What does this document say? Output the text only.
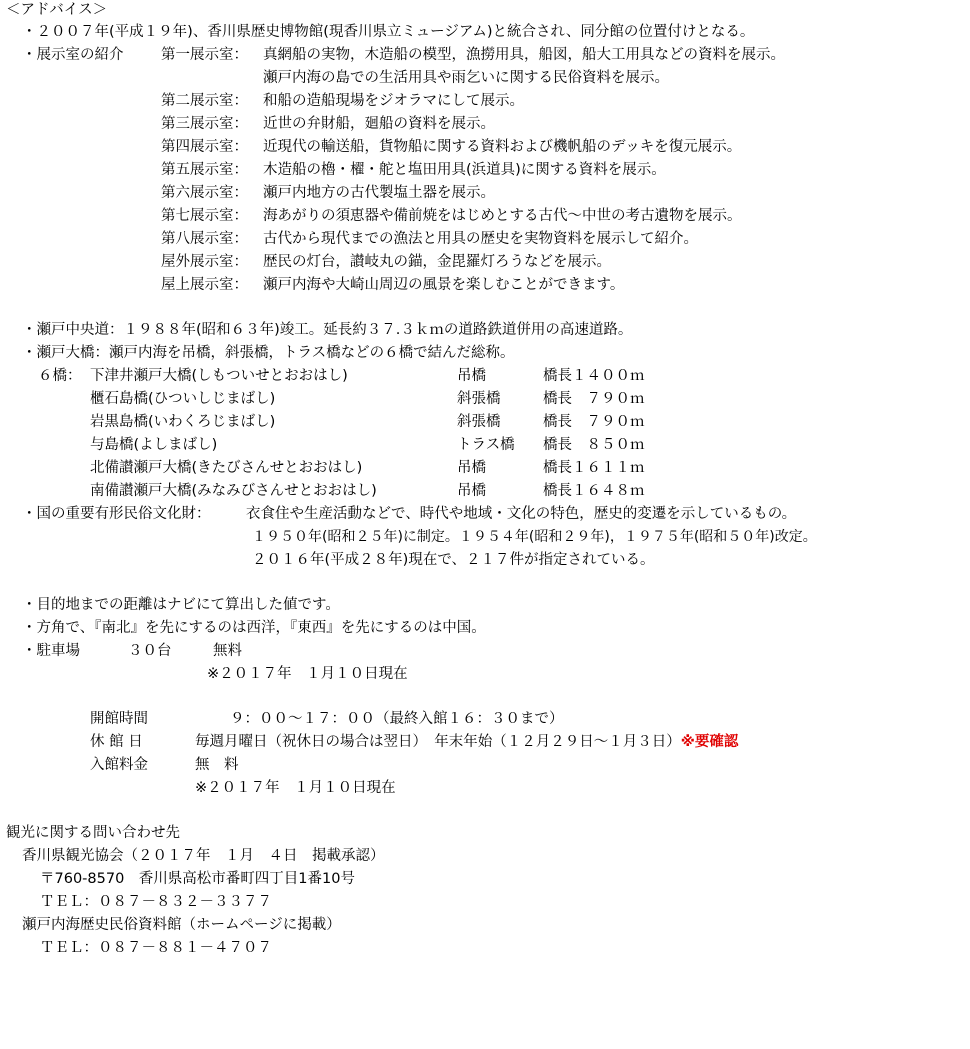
＜アドバイス＞
・２００７年(平成１９年)、香川県歴史博物館(現香川県立ミュージアム)と統合され、同分館の位置付けとなる。
・展示室の紹介	第一展示室： 真網船の実物，木造船の模型，漁撈用具，船図，船大工用具などの資料を展示。
瀬戸内海の島での生活用具や雨乞いに関する民俗資料を展示。
第二展示室： 和船の造船現場をジオラマにして展示。
第三展示室： 近世の弁財船，廻船の資料を展示。
第四展示室： 近現代の輸送船，貨物船に関する資料および機帆船のデッキを復元展示。
第五展示室： 木造船の櫓・櫂・舵と塩田用具(浜道具)に関する資料を展示。
第六展示室： 瀬戸内地方の古代製塩土器を展示。
第七展示室： 海あがりの須恵器や備前焼をはじめとする古代～中世の考古遺物を展示。
第八展示室： 古代から現代までの漁法と用具の歴史を実物資料を展示して紹介。
屋外展示室： 歴民の灯台，讃岐丸の錨，金毘羅灯ろうなどを展示。
屋上展示室： 瀬戸内海や大崎山周辺の風景を楽しむことができます。
・瀬戸中央道：１９８８年(昭和６３年)竣工。延長約３７.３ｋｍの道路鉄道併用の高速道路。
・瀬戸大橋：瀬戸内海を吊橋，斜張橋，トラス橋などの６橋で結んだ総称。
６橋： 下津井瀬戸大橋(しもついせとおおはし)	吊橋	橋長１４００ｍ
櫃石島橋(ひついしじまばし)	斜張橋	橋長　７９０ｍ
岩黒島橋(いわくろじまばし)	斜張橋	橋長　７９０ｍ
与島橋(よしまばし)	トラス橋 橋長　８５０ｍ
北備讃瀬戸大橋(きたびさんせとおおはし)	吊橋	橋長１６１１ｍ
南備讃瀬戸大橋(みなみびさんせとおおはし)	吊橋	橋長１６４８ｍ
・国の重要有形民俗文化財： 衣食住や生産活動などで、時代や地域・文化の特色，歴史的変遷を示しているもの。
１９５０年(昭和２５年)に制定。１９５４年(昭和２９年)，１９７５年(昭和５０年)改定。
２０１６年(平成２８年)現在で、２１７件が指定されている。
・目的地までの距離はナビにて算出した値です。
・方角で、『南北』を先にするのは西洋，『東西』を先にするのは中国。
・駐車場	３０台	無料
※２０１７年　１月１０日現在
開館時間	９：００～１７：００（最終入館１６：３０まで）
休 館 日	毎週月曜日（祝休日の場合は翌日）　年末年始（１２月２９日～１月３日）※要確認
入館料金	無　料
※２０１７年　１月１０日現在
観光に関する問い合わせ先
香川県観光協会（２０１７年　１月　４日　掲載承認）
〒760-8570　香川県高松市番町四丁目1番10号
ＴＥＬ：０８７－８３２－３３７７
瀬戸内海歴史民俗資料館（ホームページに掲載）
ＴＥＬ：０８７－８８１－４７０７
